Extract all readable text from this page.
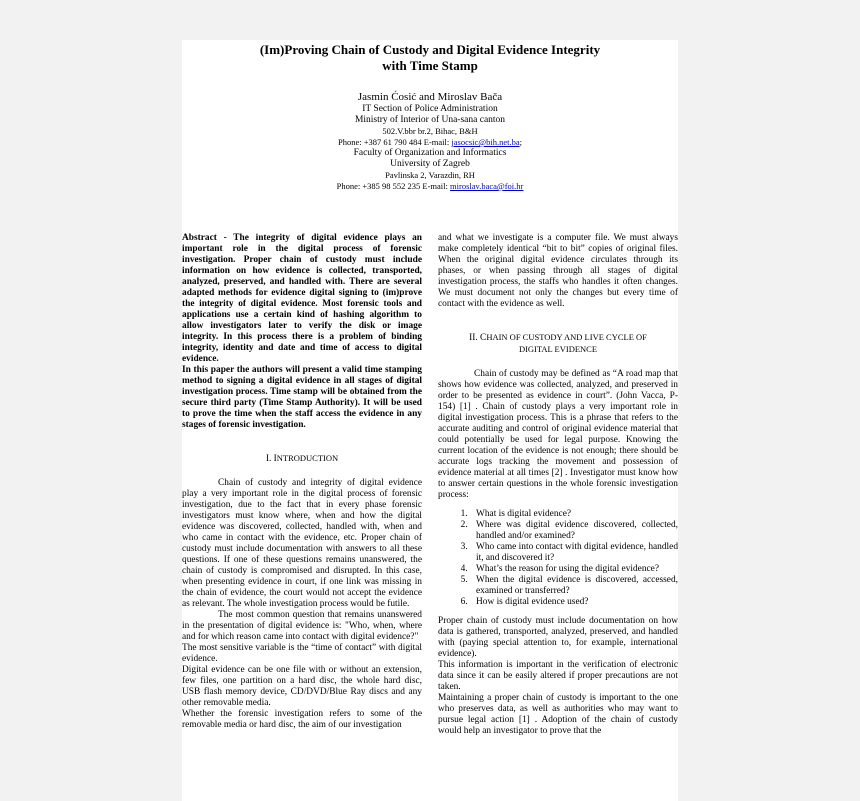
(Im)Proving Chain of Custody and Digital Evidence Integrity
with Time Stamp
Jasmin Ćosić and Miroslav Bača
IT Section of Police Administration
Ministry of Interior of Una-sana canton
502.V.bbr br.2, Bihac, B&H
Phone: +387 61 790 484 E-mail: jasocsic@bih.net.ba;
Faculty of Organization and Informatics
University of Zagreb
Pavlinska 2, Varazdin, RH
Phone: +385 98 552 235 E-mail: miroslav.baca@foi.hr

Abstract - The integrity of digital evidence plays an important role in the digital process of forensic investigation. Proper chain of custody must include information on how evidence is collected, transported, analyzed, preserved, and handled with. There are several adapted methods for evidence digital signing to (im)prove the integrity of digital evidence. Most forensic tools and applications use a certain kind of hashing algorithm to allow investigators later to verify the disk or image integrity. In this process there is a problem of binding integrity, identity and date and time of access to digital evidence.

In this paper the authors will present a valid time stamping method to signing a digital evidence in all stages of digital investigation process. Time stamp will be obtained from the secure third party (Time Stamp Authority). It will be used to prove the time when the staff access the evidence in any stages of forensic investigation.

I. INTRODUCTION

Chain of custody and integrity of digital evidence play a very important role in the digital process of forensic investigation, due to the fact that in every phase forensic investigators must know where, when and how the digital evidence was discovered, collected, handled with, when and who came in contact with the evidence, etc. Proper chain of custody must include documentation with answers to all these questions. If one of these questions remains unanswered, the chain of custody is compromised and disrupted. In this case, when presenting evidence in court, if one link was missing in the chain of evidence, the court would not accept the evidence as relevant. The whole investigation process would be futile.

The most common question that remains unanswered in the presentation of digital evidence is: "Who, when, where and for which reason came into contact with digital evidence?"

The most sensitive variable is the “time of contact” with digital evidence.

Digital evidence can be one file with or without an extension, few files, one partition on a hard disc, the whole hard disc, USB flash memory device, CD/DVD/Blue Ray discs and any other removable media.

Whether the forensic investigation refers to some of the removable media or hard disc, the aim of our investigation

and what we investigate is a computer file. We must always make completely identical “bit to bit” copies of original files. When the original digital evidence circulates through its phases, or when passing through all stages of digital investigation process, the staffs who handles it often changes. We must document not only the changes but every time of contact with the evidence as well.

II. CHAIN OF CUSTODY AND LIVE CYCLE OF
DIGITAL EVIDENCE

Chain of custody may be defined as “A road map that shows how evidence was collected, analyzed, and preserved in order to be presented as evidence in court”. (John Vacca, P-154) [1] . Chain of custody plays a very important role in digital investigation process. This is a phrase that refers to the accurate auditing and control of original evidence material that could potentially be used for legal purpose. Knowing the current location of the evidence is not enough; there should be accurate logs tracking the movement and possession of evidence material at all times [2] . Investigator must know how to answer certain questions in the whole forensic investigation process:

1. What is digital evidence?
2. Where was digital evidence discovered, collected, handled and/or examined?
3. Who came into contact with digital evidence, handled it, and discovered it?
4. What’s the reason for using the digital evidence?
5. When the digital evidence is discovered, accessed, examined or transferred?
6. How is digital evidence used?

Proper chain of custody must include documentation on how data is gathered, transported, analyzed, preserved, and handled with (paying special attention to, for example, international evidence).

This information is important in the verification of electronic data since it can be easily altered if proper precautions are not taken.

Maintaining a proper chain of custody is important to the one who preserves data, as well as authorities who may want to pursue legal action [1] . Adoption of the chain of custody would help an investigator to prove that the
